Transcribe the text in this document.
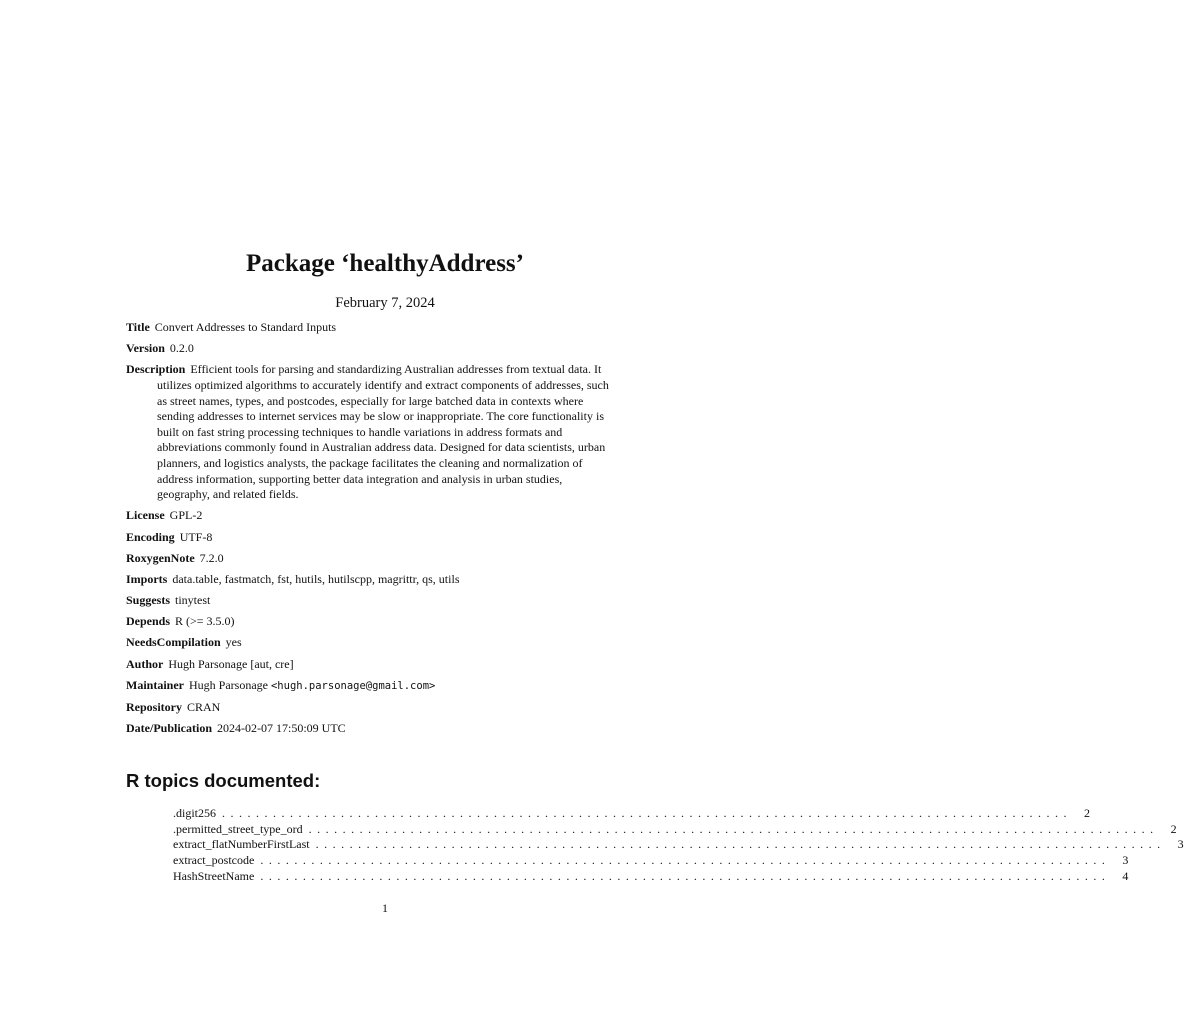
Package ‘healthyAddress’
February 7, 2024
Title Convert Addresses to Standard Inputs
Version 0.2.0
Description Efficient tools for parsing and standardizing Australian addresses from textual data. It utilizes optimized algorithms to accurately identify and extract components of addresses, such as street names, types, and postcodes, especially for large batched data in contexts where sending addresses to internet services may be slow or inappropriate. The core functionality is built on fast string processing techniques to handle variations in address formats and abbreviations commonly found in Australian address data. Designed for data scientists, urban planners, and logistics analysts, the package facilitates the cleaning and normalization of address information, supporting better data integration and analysis in urban studies, geography, and related fields.
License GPL-2
Encoding UTF-8
RoxygenNote 7.2.0
Imports data.table, fastmatch, fst, hutils, hutilscpp, magrittr, qs, utils
Suggests tinytest
Depends R (>= 3.5.0)
NeedsCompilation yes
Author Hugh Parsonage [aut, cre]
Maintainer Hugh Parsonage <hugh.parsonage@gmail.com>
Repository CRAN
Date/Publication 2024-02-07 17:50:09 UTC
R topics documented:
.digit256 ....................................................................................................	2
.permitted_street_type_ord ....................................................................................................	2
extract_flatNumberFirstLast ....................................................................................................	3
extract_postcode ....................................................................................................	3
HashStreetName ....................................................................................................	4
1
